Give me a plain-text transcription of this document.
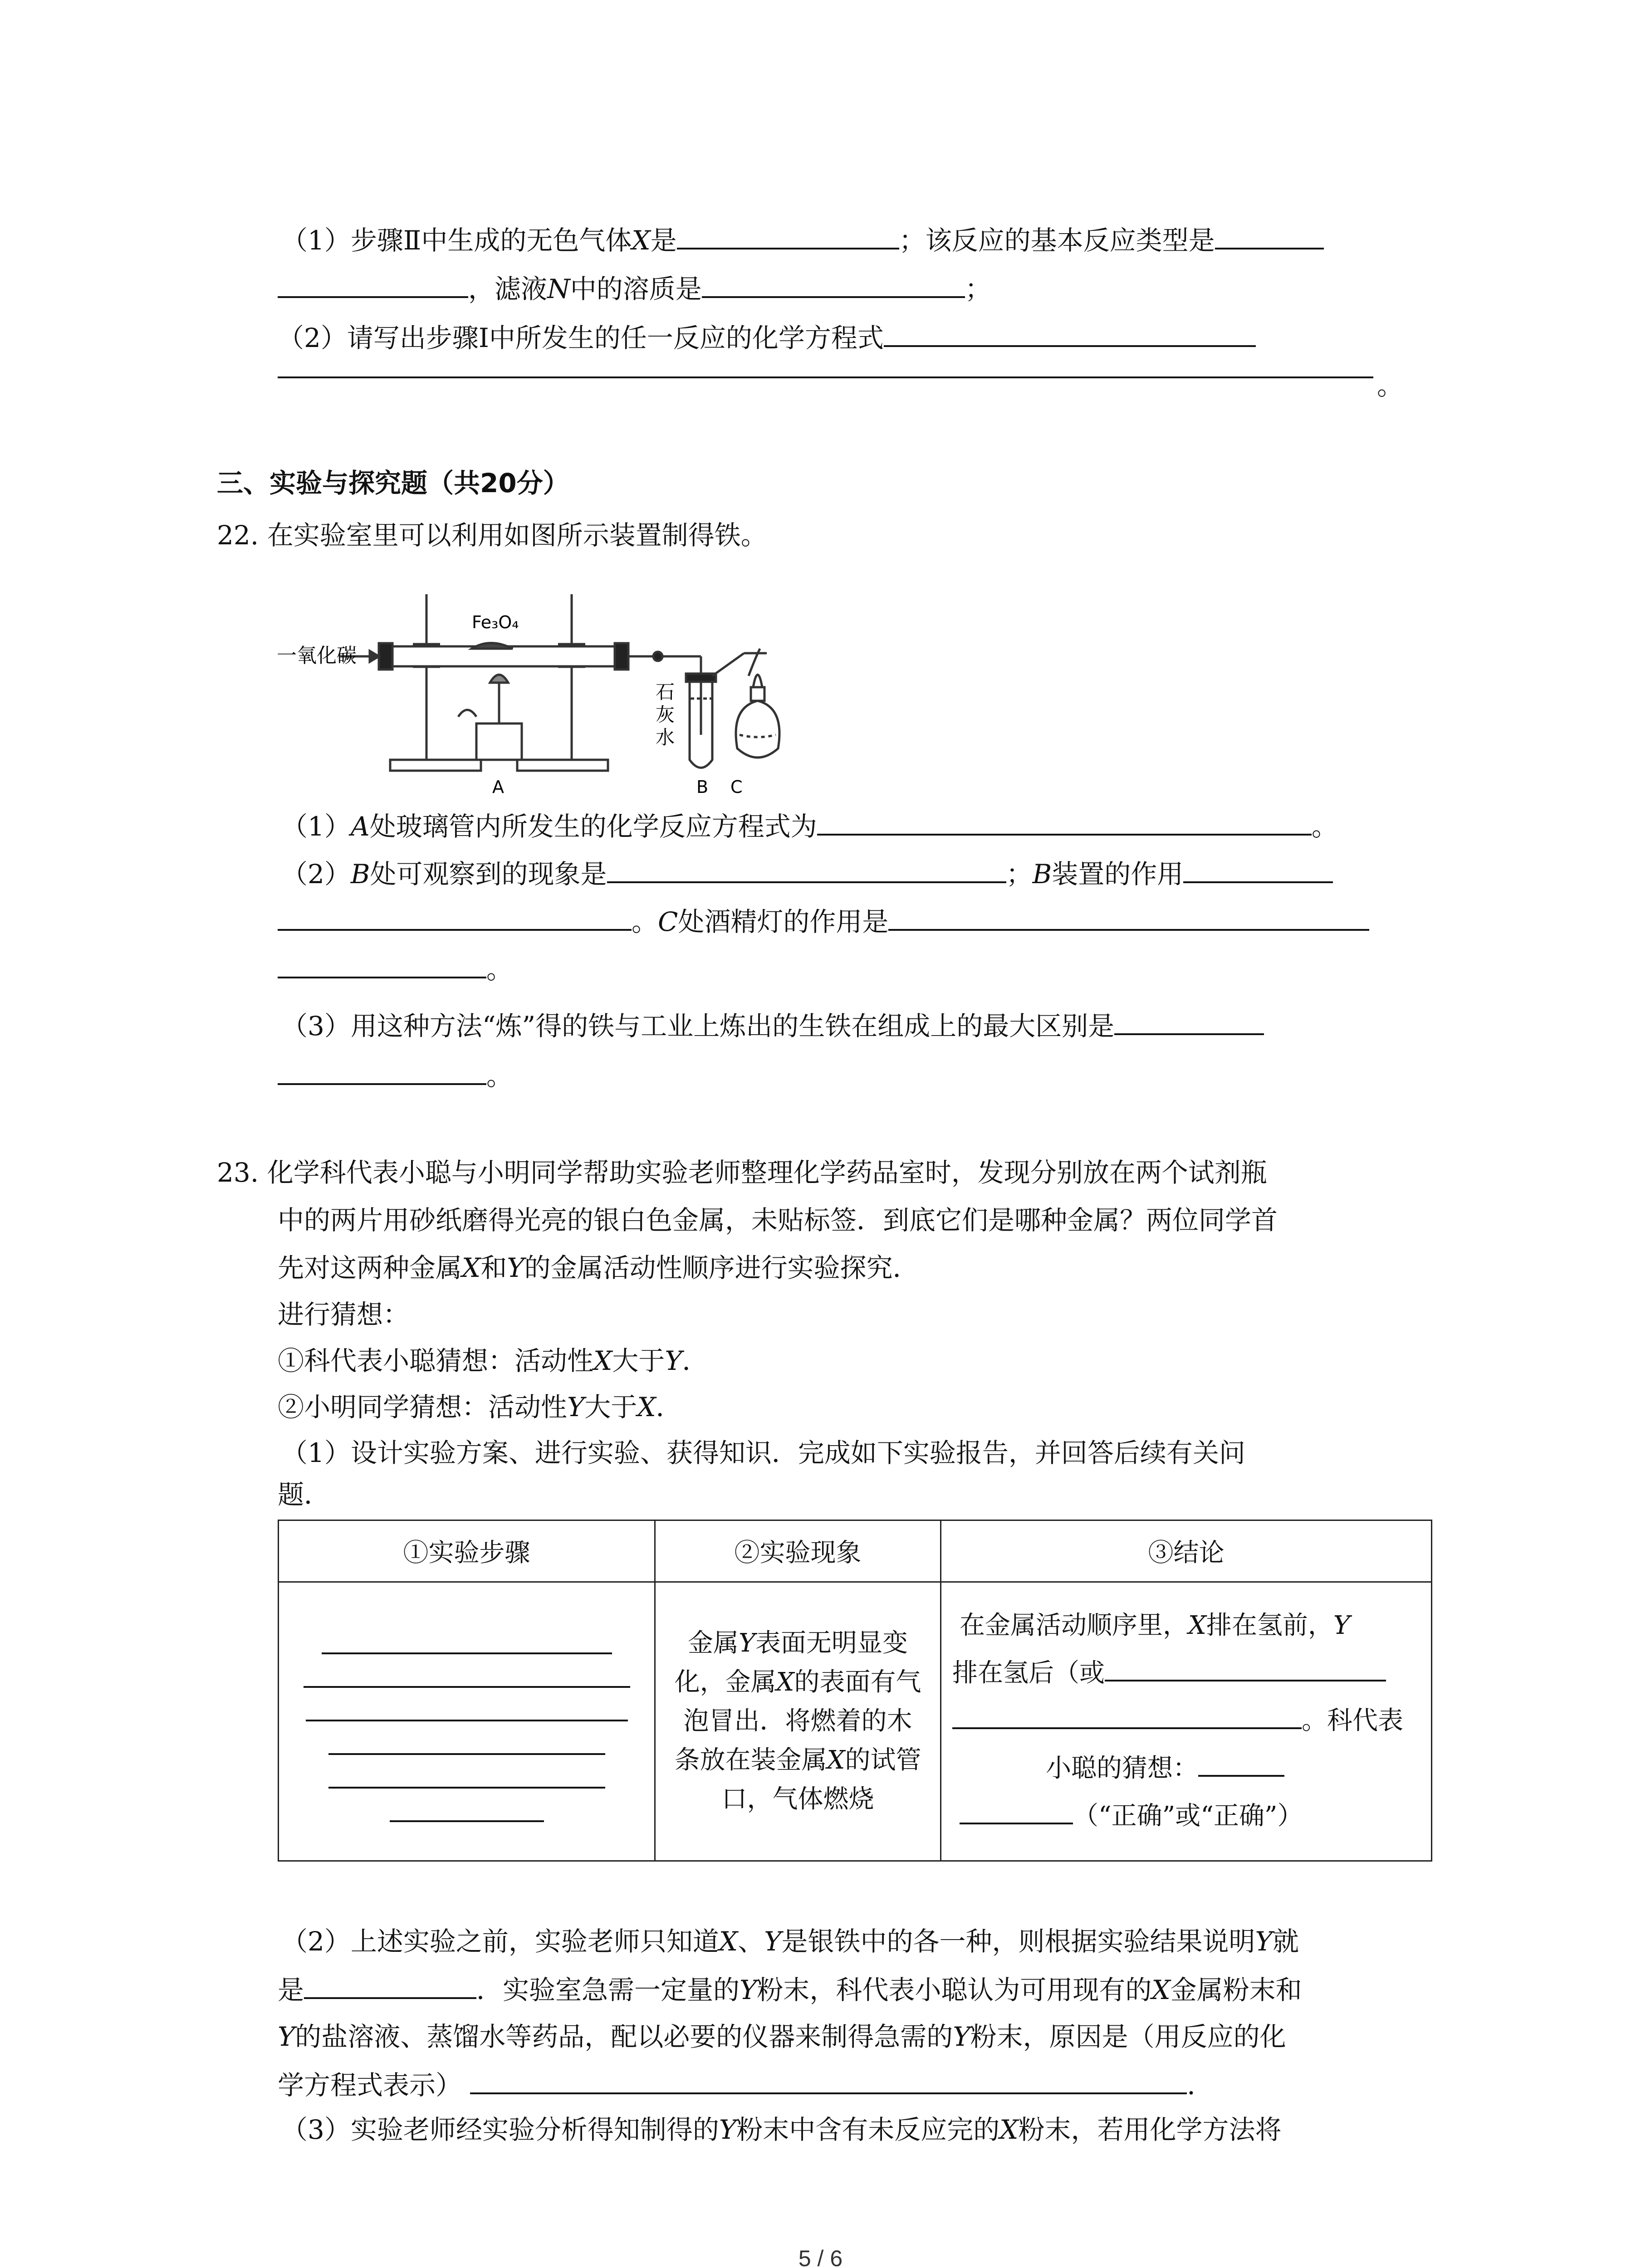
（1）步骤Ⅱ中生成的无色气体X是	；该反应的基本反应类型是
，滤液N中的溶质是	；
（2）请写出步骤Ⅰ中所发生的任一反应的化学方程式
。
三、实验与探究题（共20分）
22. 在实验室里可以利用如图所示装置制得铁。
一氧化碳
Fe₃O₄
石
灰
水
A	B C
（1）A处玻璃管内所发生的化学反应方程式为	。
（2）B处可观察到的现象是	；B装置的作用
。C处酒精灯的作用是
。
（3）用这种方法“炼”得的铁与工业上炼出的生铁在组成上的最大区别是
。
23. 化学科代表小聪与小明同学帮助实验老师整理化学药品室时，发现分别放在两个试剂瓶
中的两片用砂纸磨得光亮的银白色金属，未贴标签．到底它们是哪种金属？两位同学首
先对这两种金属X和Y的金属活动性顺序进行实验探究．
进行猜想：
①科代表小聪猜想：活动性X大于Y．
②小明同学猜想：活动性Y大于X．
（1）设计实验方案、进行实验、获得知识．完成如下实验报告，并回答后续有关问
题．
①实验步骤	②实验现象	③结论

	金属Y表面无明显变化，金属X的表面有气泡冒出．将燃着的木条放在装金属X的试管口，气体燃烧	在金属活动顺序里，X排在氢前，Y
排在氢后（或
。科代表
小聪的猜想：
（“正确”或“正确”）
（2）上述实验之前，实验老师只知道X、Y是银铁中的各一种，则根据实验结果说明Y就
是	．实验室急需一定量的Y粉末，科代表小聪认为可用现有的X金属粉末和
Y的盐溶液、蒸馏水等药品，配以必要的仪器来制得急需的Y粉末，原因是（用反应的化
学方程式表示）	．
（3）实验老师经实验分析得知制得的Y粉末中含有未反应完的X粉末，若用化学方法将
5 / 6
